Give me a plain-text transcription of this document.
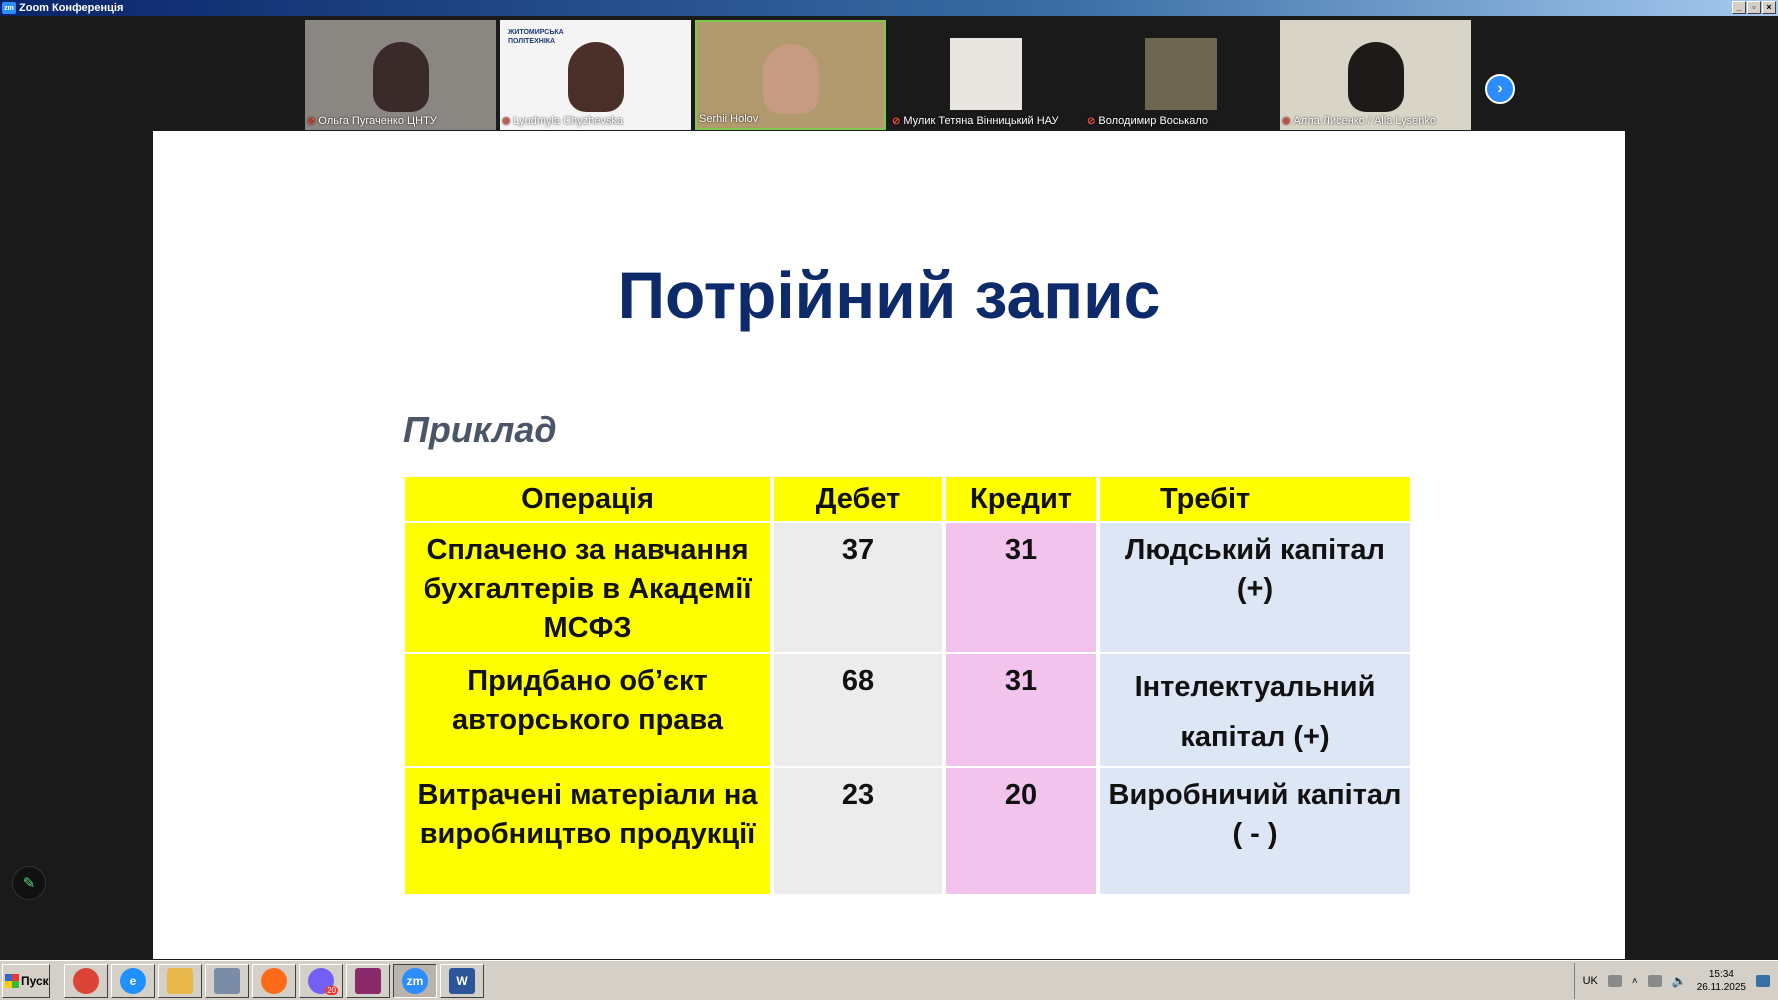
zm Zoom Конференція	_	▫	×
›
⊘ Ольга Пугаченко ЦНТУ
ЖИТОМИРСЬКА
ПОЛІТЕХНІКА
⊘ Lyudmyla Chyzhevska	Serhii Holov	⊘ Мулик Тетяна Вінницький НАУ	⊘ Володимир Воськало	⊘ Алла Лисенко / Alla Lysenko
Потрійний запис
Приклад
Операція	Дебет	Кредит	Требіт
Сплачено за навчання бухгалтерів в Академії МСФЗ	37	31	Людський капітал (+)
Придбано об’єкт авторського права	68	31	Інтелектуальний капітал (+)
Витрачені матеріали на виробництво продукції	23	20	Виробничий капітал ( - )
✎
Пуск	e
20
zm	W	UK	˄	🔈	15:34
26.11.2025
